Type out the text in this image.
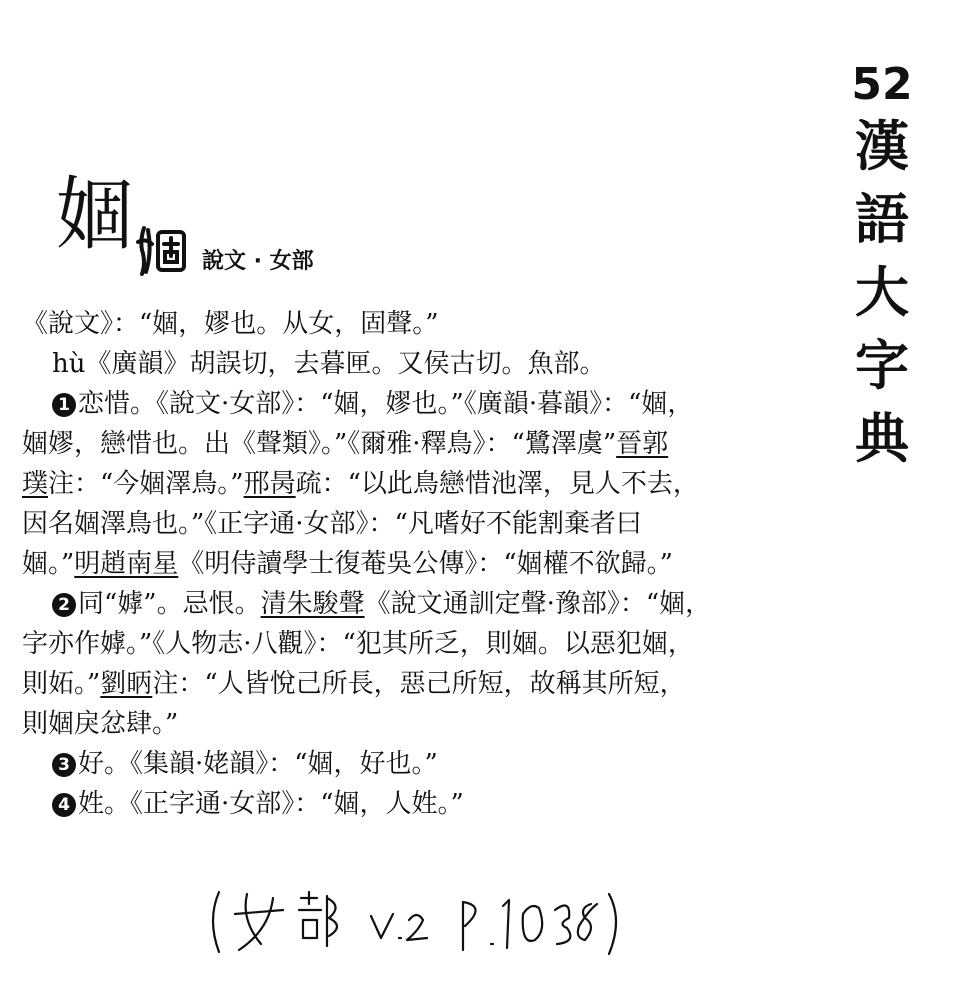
52
漢
語
大
字
典
婟
說文 · 女部
《說文》：“婟，嫪也。从女，固聲。”
hù《廣韻》胡誤切，去暮匣。又侯古切。魚部。
1 恋惜。《說文·女部》：“婟，嫪也。”《廣韻·暮韻》：“婟，
婟嫪，戀惜也。出《聲類》。”《爾雅·釋鳥》：“鷺澤虞”晉郭
璞注：“今婟澤鳥。”邢昺疏：“以此鳥戀惜池澤，見人不去，
因名婟澤鳥也。”《正字通·女部》：“凡嗜好不能割棄者曰
婟。”明趙南星《明侍讀學士復菴吳公傳》：“婟權不欲歸。”
2 同“嫭”。忌恨。清朱駿聲《說文通訓定聲·豫部》：“婟，
字亦作嫭。”《人物志·八觀》：“犯其所乏，則婟。以惡犯婟，
則妬。”劉昞注：“人皆悅己所長，惡己所短，故稱其所短，
則婟戾忿肆。”
3 好。《集韻·姥韻》：“婟，好也。”
4 姓。《正字通·女部》：“婟，人姓。”
